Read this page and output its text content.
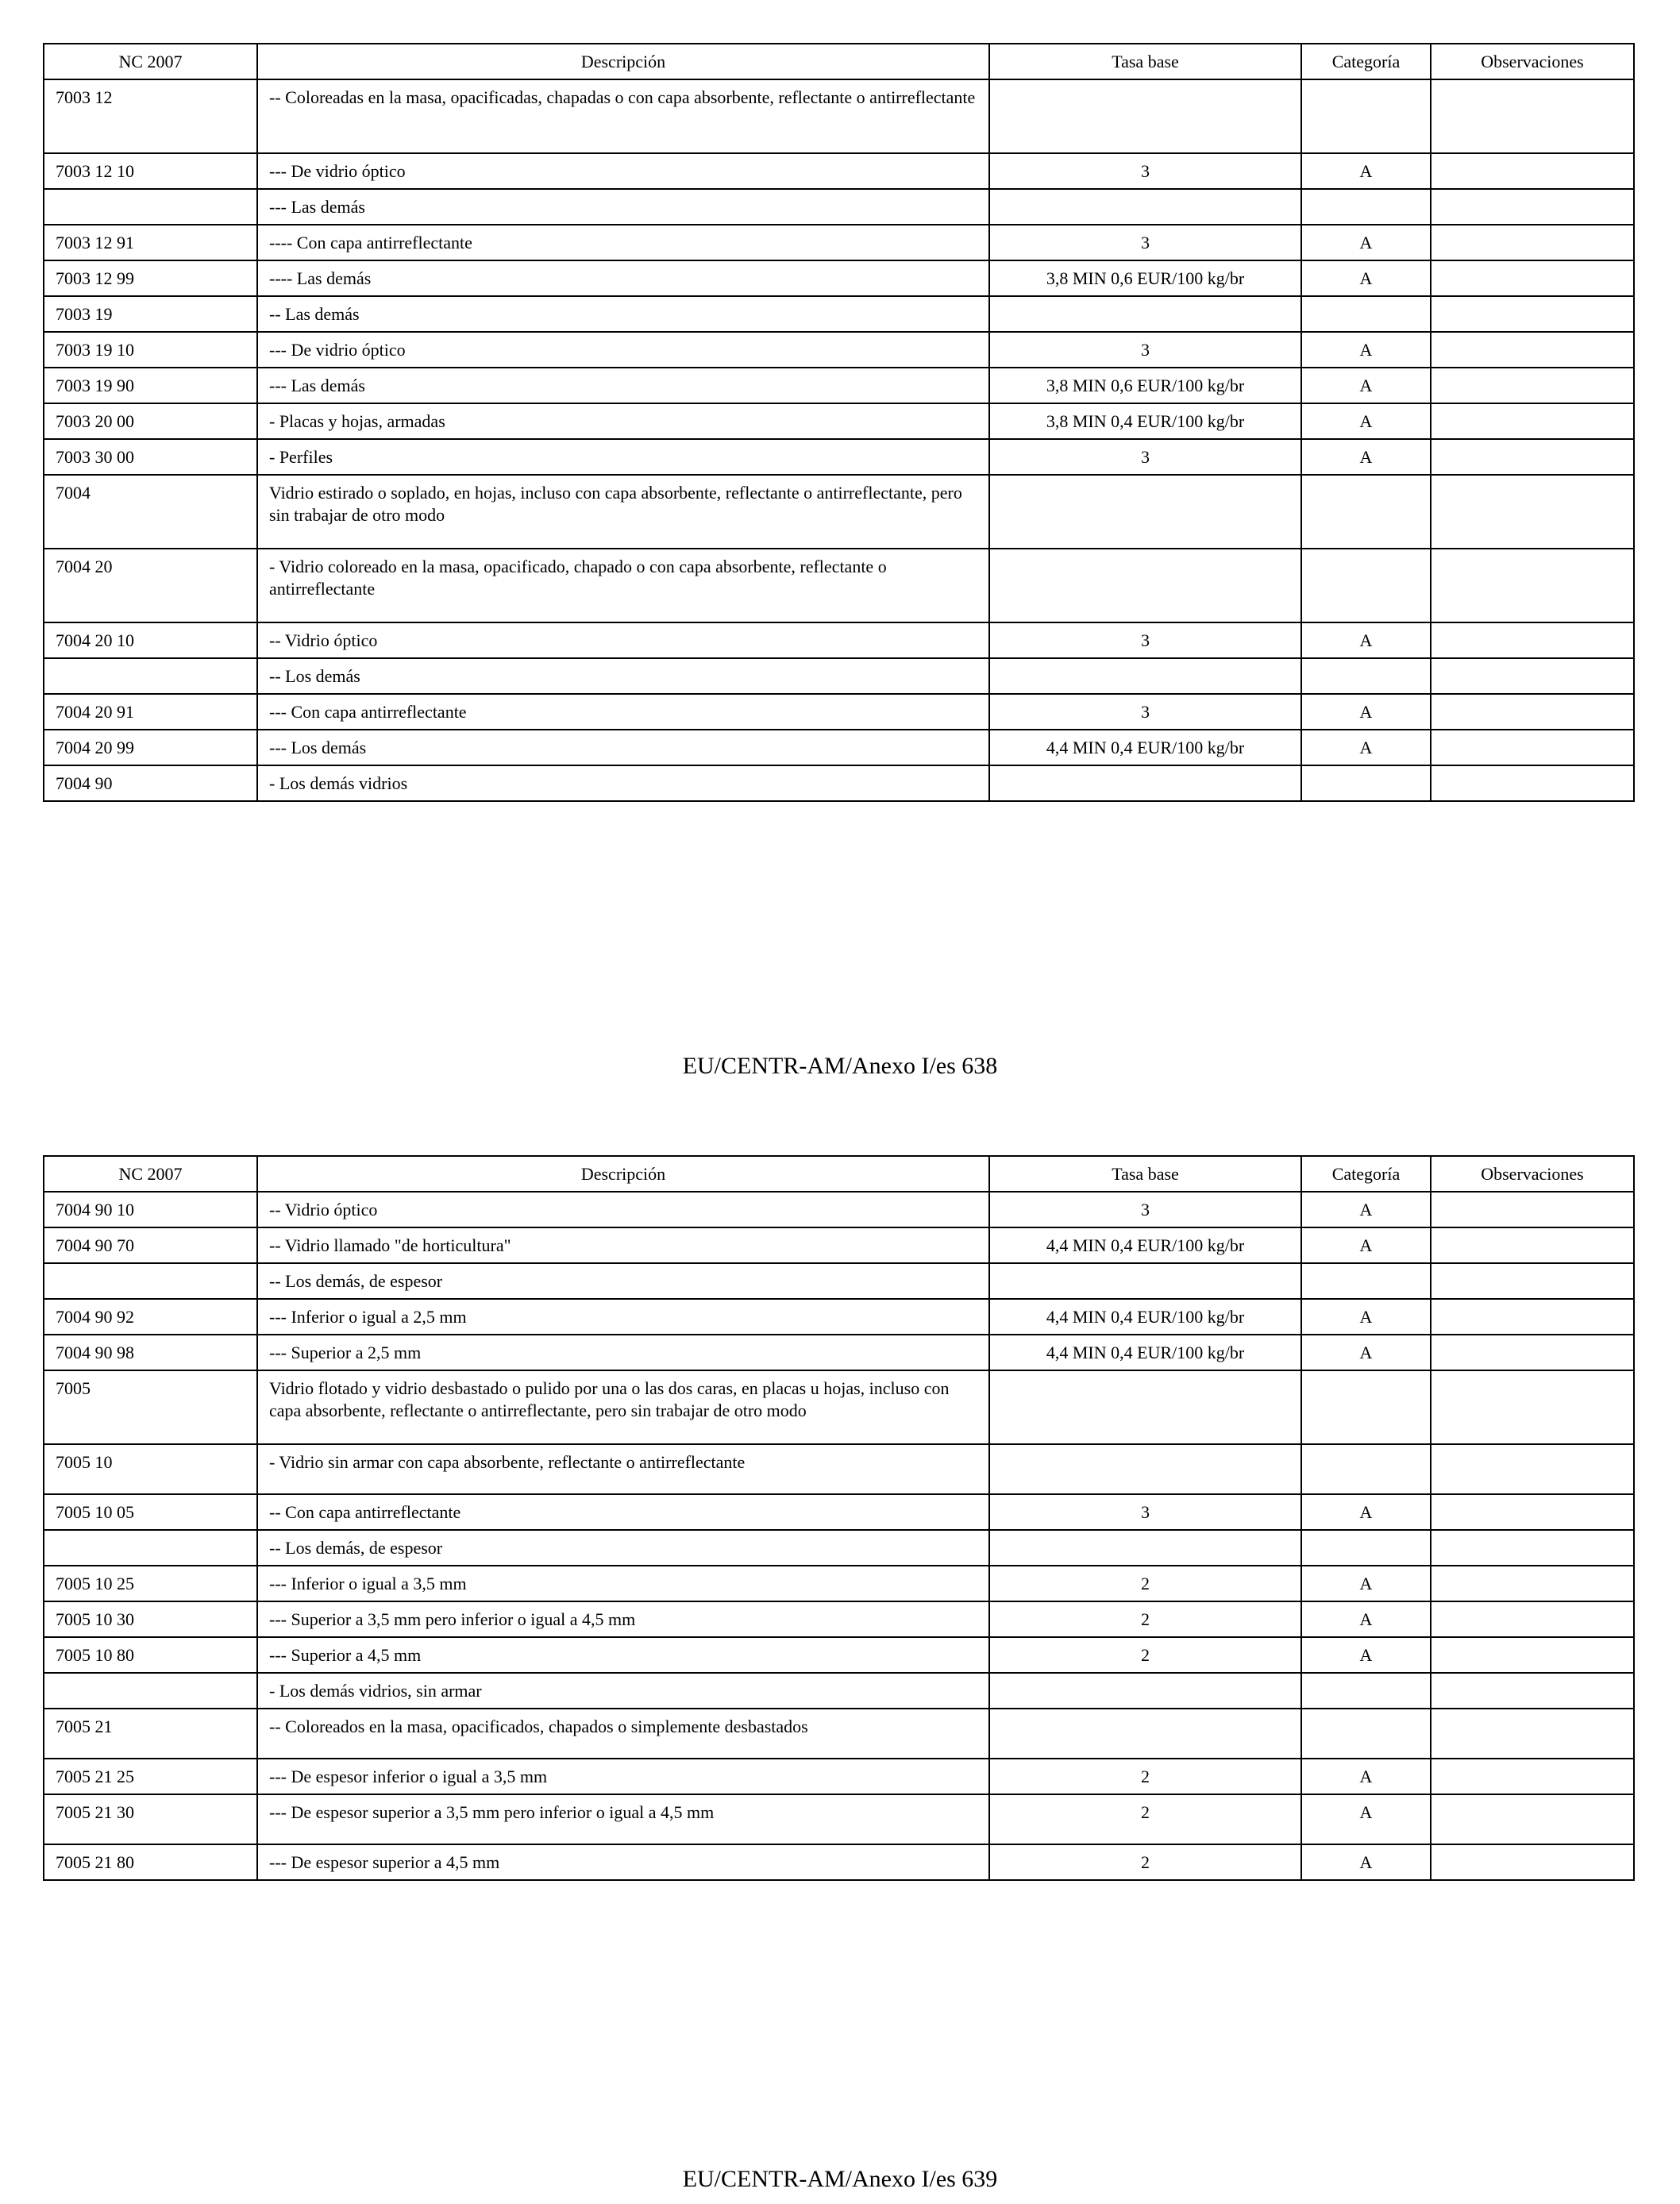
NC 2007	Descripción	Tasa base	Categoría	Observaciones
7003 12	-- Coloreadas en la masa, opacificadas, chapadas o con capa absorbente, reflectante o antirreflectante			
7003 12 10	--- De vidrio óptico	3	A	
	--- Las demás			
7003 12 91	---- Con capa antirreflectante	3	A	
7003 12 99	---- Las demás	3,8 MIN 0,6 EUR/100 kg/br	A	
7003 19	-- Las demás			
7003 19 10	--- De vidrio óptico	3	A	
7003 19 90	--- Las demás	3,8 MIN 0,6 EUR/100 kg/br	A	
7003 20 00	- Placas y hojas, armadas	3,8 MIN 0,4 EUR/100 kg/br	A	
7003 30 00	- Perfiles	3	A	
7004	Vidrio estirado o soplado, en hojas, incluso con capa absorbente, reflectante o antirreflectante, pero sin trabajar de otro modo			
7004 20	- Vidrio coloreado en la masa, opacificado, chapado o con capa absorbente, reflectante o antirreflectante			
7004 20 10	-- Vidrio óptico	3	A	
	-- Los demás			
7004 20 91	--- Con capa antirreflectante	3	A	
7004 20 99	--- Los demás	4,4 MIN 0,4 EUR/100 kg/br	A	
7004 90	- Los demás vidrios			
EU/CENTR-AM/Anexo I/es 638
NC 2007	Descripción	Tasa base	Categoría	Observaciones
7004 90 10	-- Vidrio óptico	3	A	
7004 90 70	-- Vidrio llamado "de horticultura"	4,4 MIN 0,4 EUR/100 kg/br	A	
	-- Los demás, de espesor			
7004 90 92	--- Inferior o igual a 2,5 mm	4,4 MIN 0,4 EUR/100 kg/br	A	
7004 90 98	--- Superior a 2,5 mm	4,4 MIN 0,4 EUR/100 kg/br	A	
7005	Vidrio flotado y vidrio desbastado o pulido por una o las dos caras, en placas u hojas, incluso con capa absorbente, reflectante o antirreflectante, pero sin trabajar de otro modo			
7005 10	- Vidrio sin armar con capa absorbente, reflectante o antirreflectante			
7005 10 05	-- Con capa antirreflectante	3	A	
	-- Los demás, de espesor			
7005 10 25	--- Inferior o igual a 3,5 mm	2	A	
7005 10 30	--- Superior a 3,5 mm pero inferior o igual a 4,5 mm	2	A	
7005 10 80	--- Superior a 4,5 mm	2	A	
	- Los demás vidrios, sin armar			
7005 21	-- Coloreados en la masa, opacificados, chapados o simplemente desbastados			
7005 21 25	--- De espesor inferior o igual a 3,5 mm	2	A	
7005 21 30	--- De espesor superior a 3,5 mm pero inferior o igual a 4,5 mm	2	A	
7005 21 80	--- De espesor superior a 4,5 mm	2	A	
EU/CENTR-AM/Anexo I/es 639
